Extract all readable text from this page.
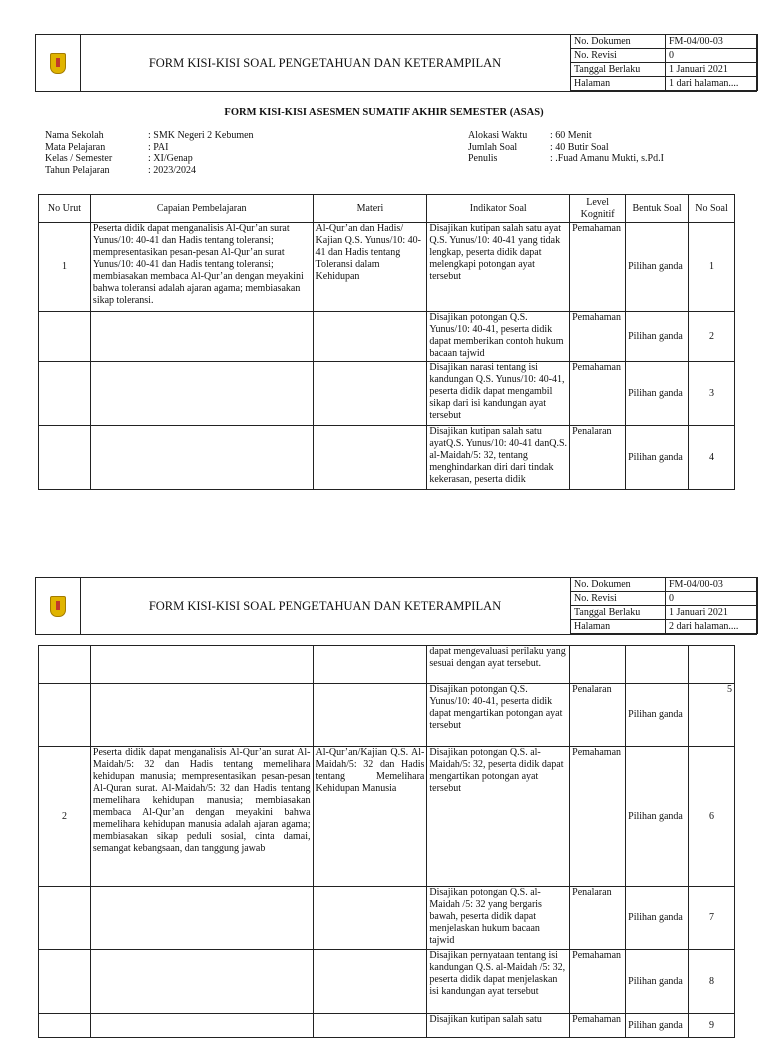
FORM KISI-KISI SOAL PENGETAHUAN DAN KETERAMPILAN
No. Dokumen	FM-04/00-03
No. Revisi	0
Tanggal Berlaku	1 Januari 2021
Halaman	1 dari halaman....
FORM KISI-KISI ASESMEN SUMATIF AKHIR SEMESTER (ASAS)
Nama Sekolah	: SMK Negeri 2 Kebumen
Mata Pelajaran	: PAI
Kelas / Semester	: XI/Genap
Tahun Pelajaran	: 2023/2024
Alokasi Waktu : 60 Menit
Jumlah Soal	: 40 Butir Soal
Penulis	: .Fuad Amanu Mukti, s.Pd.I
No Urut	Capaian Pembelajaran	Materi	Indikator Soal	Level Kognitif	Bentuk Soal	No Soal
1	Peserta didik dapat menganalisis Al-Qur’an surat Yunus/10: 40-41 dan Hadis tentang toleransi; mempresentasikan pesan-pesan Al-Qur’an surat Yunus/10: 40-41 dan Hadis tentang toleransi; membiasakan membaca Al-Qur’an dengan meyakini bahwa toleransi adalah ajaran agama; membiasakan sikap toleransi.	Al-Qur’an dan Hadis/ Kajian Q.S. Yunus/10: 40-41 dan Hadis tentang Toleransi dalam Kehidupan	Disajikan kutipan salah satu ayat Q.S. Yunus/10: 40-41 yang tidak lengkap, peserta didik dapat melengkapi potongan ayat tersebut	Pemahaman	Pilihan ganda	1
			Disajikan potongan Q.S. Yunus/10: 40-41, peserta didik dapat memberikan contoh hukum bacaan tajwid	Pemahaman	Pilihan ganda	2
			Disajikan narasi tentang isi kandungan Q.S. Yunus/10: 40-41, peserta didik dapat mengambil sikap dari isi kandungan ayat tersebut	Pemahaman	Pilihan ganda	3
			Disajikan kutipan salah satu ayatQ.S. Yunus/10: 40-41 danQ.S. al-Maidah/5: 32, tentang menghindarkan diri dari tindak kekerasan, peserta didik	Penalaran	Pilihan ganda	4
FORM KISI-KISI SOAL PENGETAHUAN DAN KETERAMPILAN
No. Dokumen	FM-04/00-03
No. Revisi	0
Tanggal Berlaku	1 Januari 2021
Halaman	2 dari halaman....
			dapat mengevaluasi perilaku yang sesuai dengan ayat tersebut.			
			Disajikan potongan Q.S. Yunus/10: 40-41, peserta didik dapat mengartikan potongan ayat tersebut	Penalaran	Pilihan ganda	5
2	Peserta didik dapat menganalisis Al-Qur’an surat Al-Maidah/5: 32 dan Hadis tentang memelihara kehidupan manusia; mempresentasikan pesan-pesan Al-Quran surat. Al-Maidah/5: 32 dan Hadis tentang memelihara kehidupan manusia; membiasakan membaca Al-Qur’an dengan meyakini bahwa memelihara kehidupan manusia adalah ajaran agama; membiasakan sikap peduli sosial, cinta damai, semangat kebangsaan, dan tanggung jawab	Al-Qur’an/Kajian Q.S. Al-Maidah/5: 32 dan Hadis tentang Memelihara Kehidupan Manusia	Disajikan potongan Q.S. al-Maidah/5: 32, peserta didik dapat mengartikan potongan ayat tersebut	Pemahaman	Pilihan ganda	6
			Disajikan potongan Q.S. al-Maidah /5: 32 yang bergaris bawah, peserta didik dapat menjelaskan hukum bacaan tajwid	Penalaran	Pilihan ganda	7
			Disajikan pernyataan tentang isi kandungan Q.S. al-Maidah /5: 32, peserta didik dapat menjelaskan isi kandungan ayat tersebut	Pemahaman	Pilihan ganda	8
			Disajikan kutipan salah satu	Pemahaman	Pilihan ganda	9
